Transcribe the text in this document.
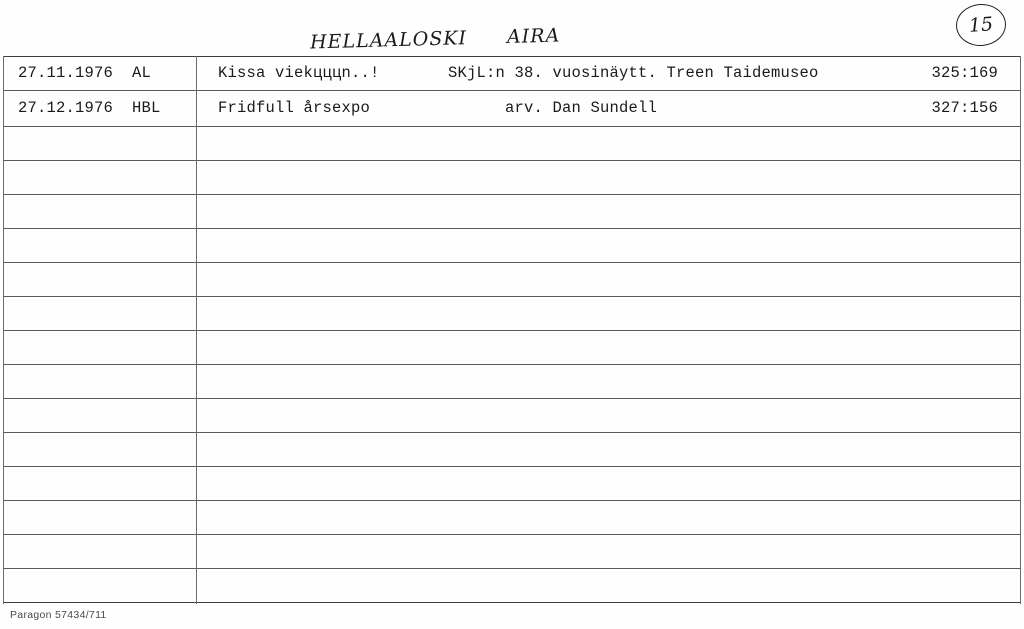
HELLAALOSKI AIRA	15
27.11.1976 AL	Kissa viekцццn..!	SKjL:n 38. vuosinäytt. Treen Taidemuseo	325:169
27.12.1976 HBL	Fridfull årsexpo	arv. Dan Sundell	327:156
Paragon 57434/711
